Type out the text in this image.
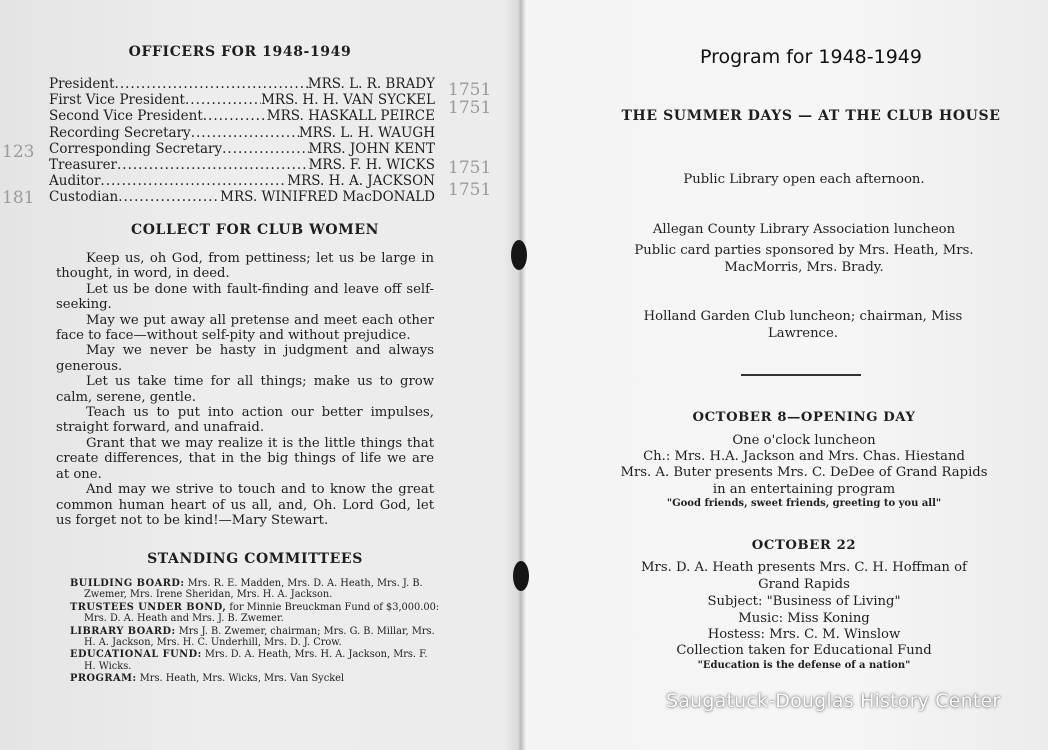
OFFICERS FOR 1948-1949
President .....	MRS. L. R. BRADY
First Vice President .....	MRS. H. H. VAN SYCKEL
Second Vice President .....	MRS. HASKALL PEIRCE
Recording Secretary .....	MRS. L. H. WAUGH
Corresponding Secretary .....	MRS. JOHN KENT
Treasurer .....	MRS. F. H. WICKS
Auditor .....	MRS. H. A. JACKSON
Custodian .....	MRS. WINIFRED MacDONALD
1751
1751
1751
1751
123
181
COLLECT FOR CLUB WOMEN

Keep us, oh God, from pettiness; let us be large in thought, in word, in deed.

Let us be done with fault-finding and leave off self-seeking.

May we put away all pretense and meet each other face to face—without self-pity and without prejudice.

May we never be hasty in judgment and always generous.

Let us take time for all things; make us to grow calm, serene, gentle.

Teach us to put into action our better impulses, straight forward, and unafraid.

Grant that we may realize it is the little things that create differences, that in the big things of life we are at one.

And may we strive to touch and to know the great common human heart of us all, and, Oh. Lord God, let us forget not to be kind!—Mary Stewart.

STANDING COMMITTEES

BUILDING BOARD: Mrs. R. E. Madden, Mrs. D. A. Heath, Mrs. J. B. Zwemer, Mrs. Irene Sheridan, Mrs. H. A. Jackson.

TRUSTEES UNDER BOND, for Minnie Breuckman Fund of $3,000.00: Mrs. D. A. Heath and Mrs. J. B. Zwemer.

LIBRARY BOARD: Mrs J. B. Zwemer, chairman; Mrs. G. B. Millar, Mrs. H. A. Jackson, Mrs. H. C. Underhill, Mrs. D. J. Crow.

EDUCATIONAL FUND: Mrs. D. A. Heath, Mrs. H. A. Jackson, Mrs. F. H. Wicks.

PROGRAM: Mrs. Heath, Mrs. Wicks, Mrs. Van Syckel

Program for 1948-1949
THE SUMMER DAYS — AT THE CLUB HOUSE
Public Library open each afternoon.
Allegan County Library Association luncheon
Public card parties sponsored by Mrs. Heath, Mrs. MacMorris, Mrs. Brady.
Holland Garden Club luncheon; chairman, Miss Lawrence.
OCTOBER 8—OPENING DAY
One o'clock luncheon
Ch.: Mrs. H.A. Jackson and Mrs. Chas. Hiestand
Mrs. A. Buter presents Mrs. C. DeDee of Grand Rapids in an entertaining program
"Good friends, sweet friends, greeting to you all"
OCTOBER 22
Mrs. D. A. Heath presents Mrs. C. H. Hoffman of Grand Rapids
Subject: "Business of Living"
Music: Miss Koning
Hostess: Mrs. C. M. Winslow
Collection taken for Educational Fund
"Education is the defense of a nation"
Saugatuck-Douglas History Center
